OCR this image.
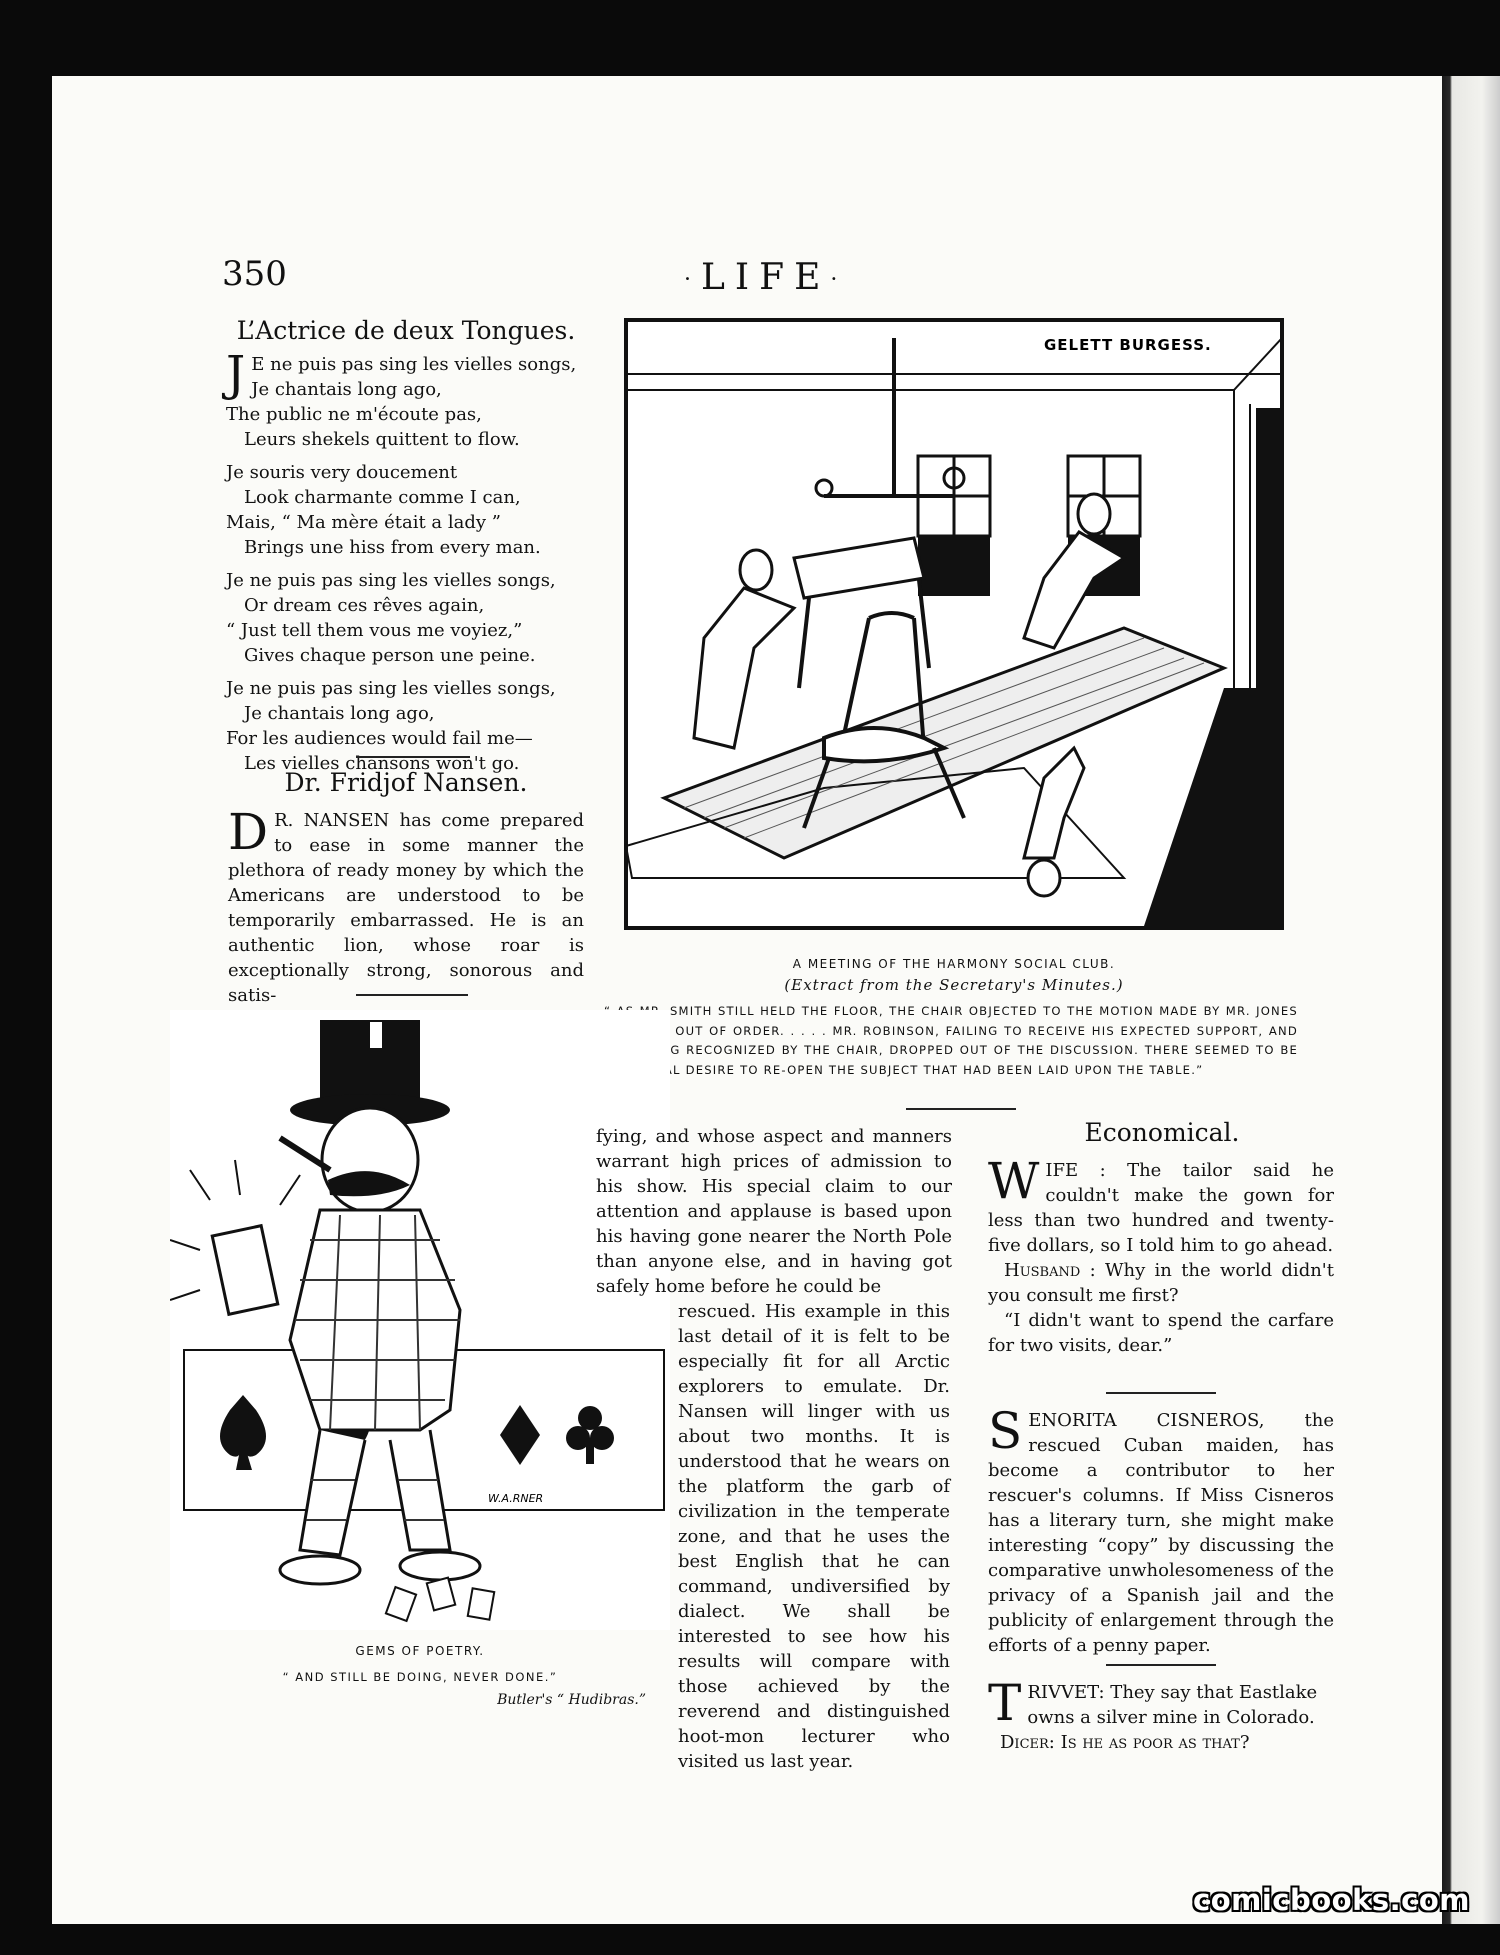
350	·LIFE·
L’Actrice de deux Tongues.
J E ne puis pas sing les vielles songs,

Je chantais long ago,

The public ne m'écoute pas,

Leurs shekels quittent to flow.

Je souris very doucement

Look charmante comme I can,

Mais, “ Ma mère était a lady ”

Brings une hiss from every man.

Je ne puis pas sing les vielles songs,

Or dream ces rêves again,

“ Just tell them vous me voyiez,”

Gives chaque person une peine.

Je ne puis pas sing les vielles songs,

Je chantais long ago,

For les audiences would fail me—

Les vielles chansons won't go.

Dr. Fridjof Nansen.
D R. NANSEN has come prepared to ease in some manner the plethora of ready money by which the Americans are understood to be temporarily embarrassed. He is an authentic lion, whose roar is exceptionally strong, sonorous and satis-
GELETT BURGESS.
A MEETING OF THE HARMONY SOCIAL CLUB.
(Extract from the Secretary's Minutes.)
“ AS MR. SMITH STILL HELD THE FLOOR, THE CHAIR OBJECTED TO THE MOTION MADE BY MR. JONES AS BEING OUT OF ORDER. . . . . MR. ROBINSON, FAILING TO RECEIVE HIS EXPECTED SUPPORT, AND NOT BEING RECOGNIZED BY THE CHAIR, DROPPED OUT OF THE DISCUSSION. THERE SEEMED TO BE A GENERAL DESIRE TO RE-OPEN THE SUBJECT THAT HAD BEEN LAID UPON THE TABLE.”
W.A.RNER
GEMS OF POETRY.
“ AND STILL BE DOING, NEVER DONE.”
Butler's “ Hudibras.”
fying, and whose aspect and manners warrant high prices of admission to his show. His special claim to our attention and applause is based upon his having gone nearer the North Pole than anyone else, and in having got safely home before he could be
rescued. His example in this last detail of it is felt to be especially fit for all Arctic explorers to emulate. Dr. Nansen will linger with us about two months. It is understood that he wears on the platform the garb of civilization in the temperate zone, and that he uses the best English that he can command, undiversified by dialect. We shall be interested to see how his results will compare with those achieved by the reverend and distinguished hoot-mon lecturer who visited us last year.
Economical.
WIFE : The tailor said he couldn't make the gown for less than two hundred and twenty-five dollars, so I told him to go ahead.
Husband : Why in the world didn't you consult me first?
“I didn't want to spend the carfare for two visits, dear.”
SENORITA CISNEROS, the rescued Cuban maiden, has become a contributor to her rescuer's columns. If Miss Cisneros has a literary turn, she might make interesting “copy” by discussing the comparative unwholesomeness of the privacy of a Spanish jail and the publicity of enlargement through the efforts of a penny paper.
TRIVVET: They say that Eastlake owns a silver mine in Colorado.
Dicer: Is he as poor as that?
comicbooks.com
